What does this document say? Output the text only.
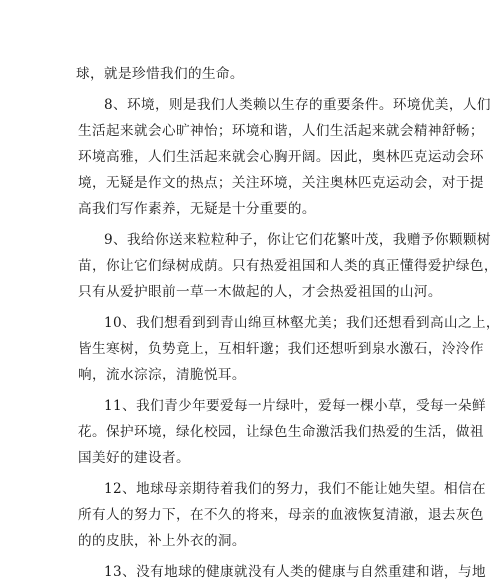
球，就是珍惜我们的生命。
8、环境，则是我们人类赖以生存的重要条件。环境优美，人们
生活起来就会心旷神怡；环境和谐，人们生活起来就会精神舒畅；
环境高雅，人们生活起来就会心胸开阔。因此，奥林匹克运动会环
境，无疑是作文的热点；关注环境，关注奥林匹克运动会，对于提
高我们写作素养，无疑是十分重要的。
9、我给你送来粒粒种子，你让它们花繁叶茂，我赠予你颗颗树
苗，你让它们绿树成荫。只有热爱祖国和人类的真正懂得爱护绿色，
只有从爱护眼前一草一木做起的人，才会热爱祖国的山河。
10、我们想看到到青山绵亘林壑尤美；我们还想看到高山之上，
皆生寒树，负势竟上，互相轩邈；我们还想听到泉水激石，泠泠作
响，流水淙淙，清脆悦耳。
11、我们青少年要爱每一片绿叶，爱每一棵小草，受每一朵鲜
花。保护环境，绿化校园，让绿色生命激活我们热爱的生活，做祖
国美好的建设者。
12、地球母亲期待着我们的努力，我们不能让她失望。相信在
所有人的努力下，在不久的将来，母亲的血液恢复清澈，退去灰色
的的皮肤，补上外衣的洞。
13、没有地球的健康就没有人类的健康与自然重建和谐，与地
